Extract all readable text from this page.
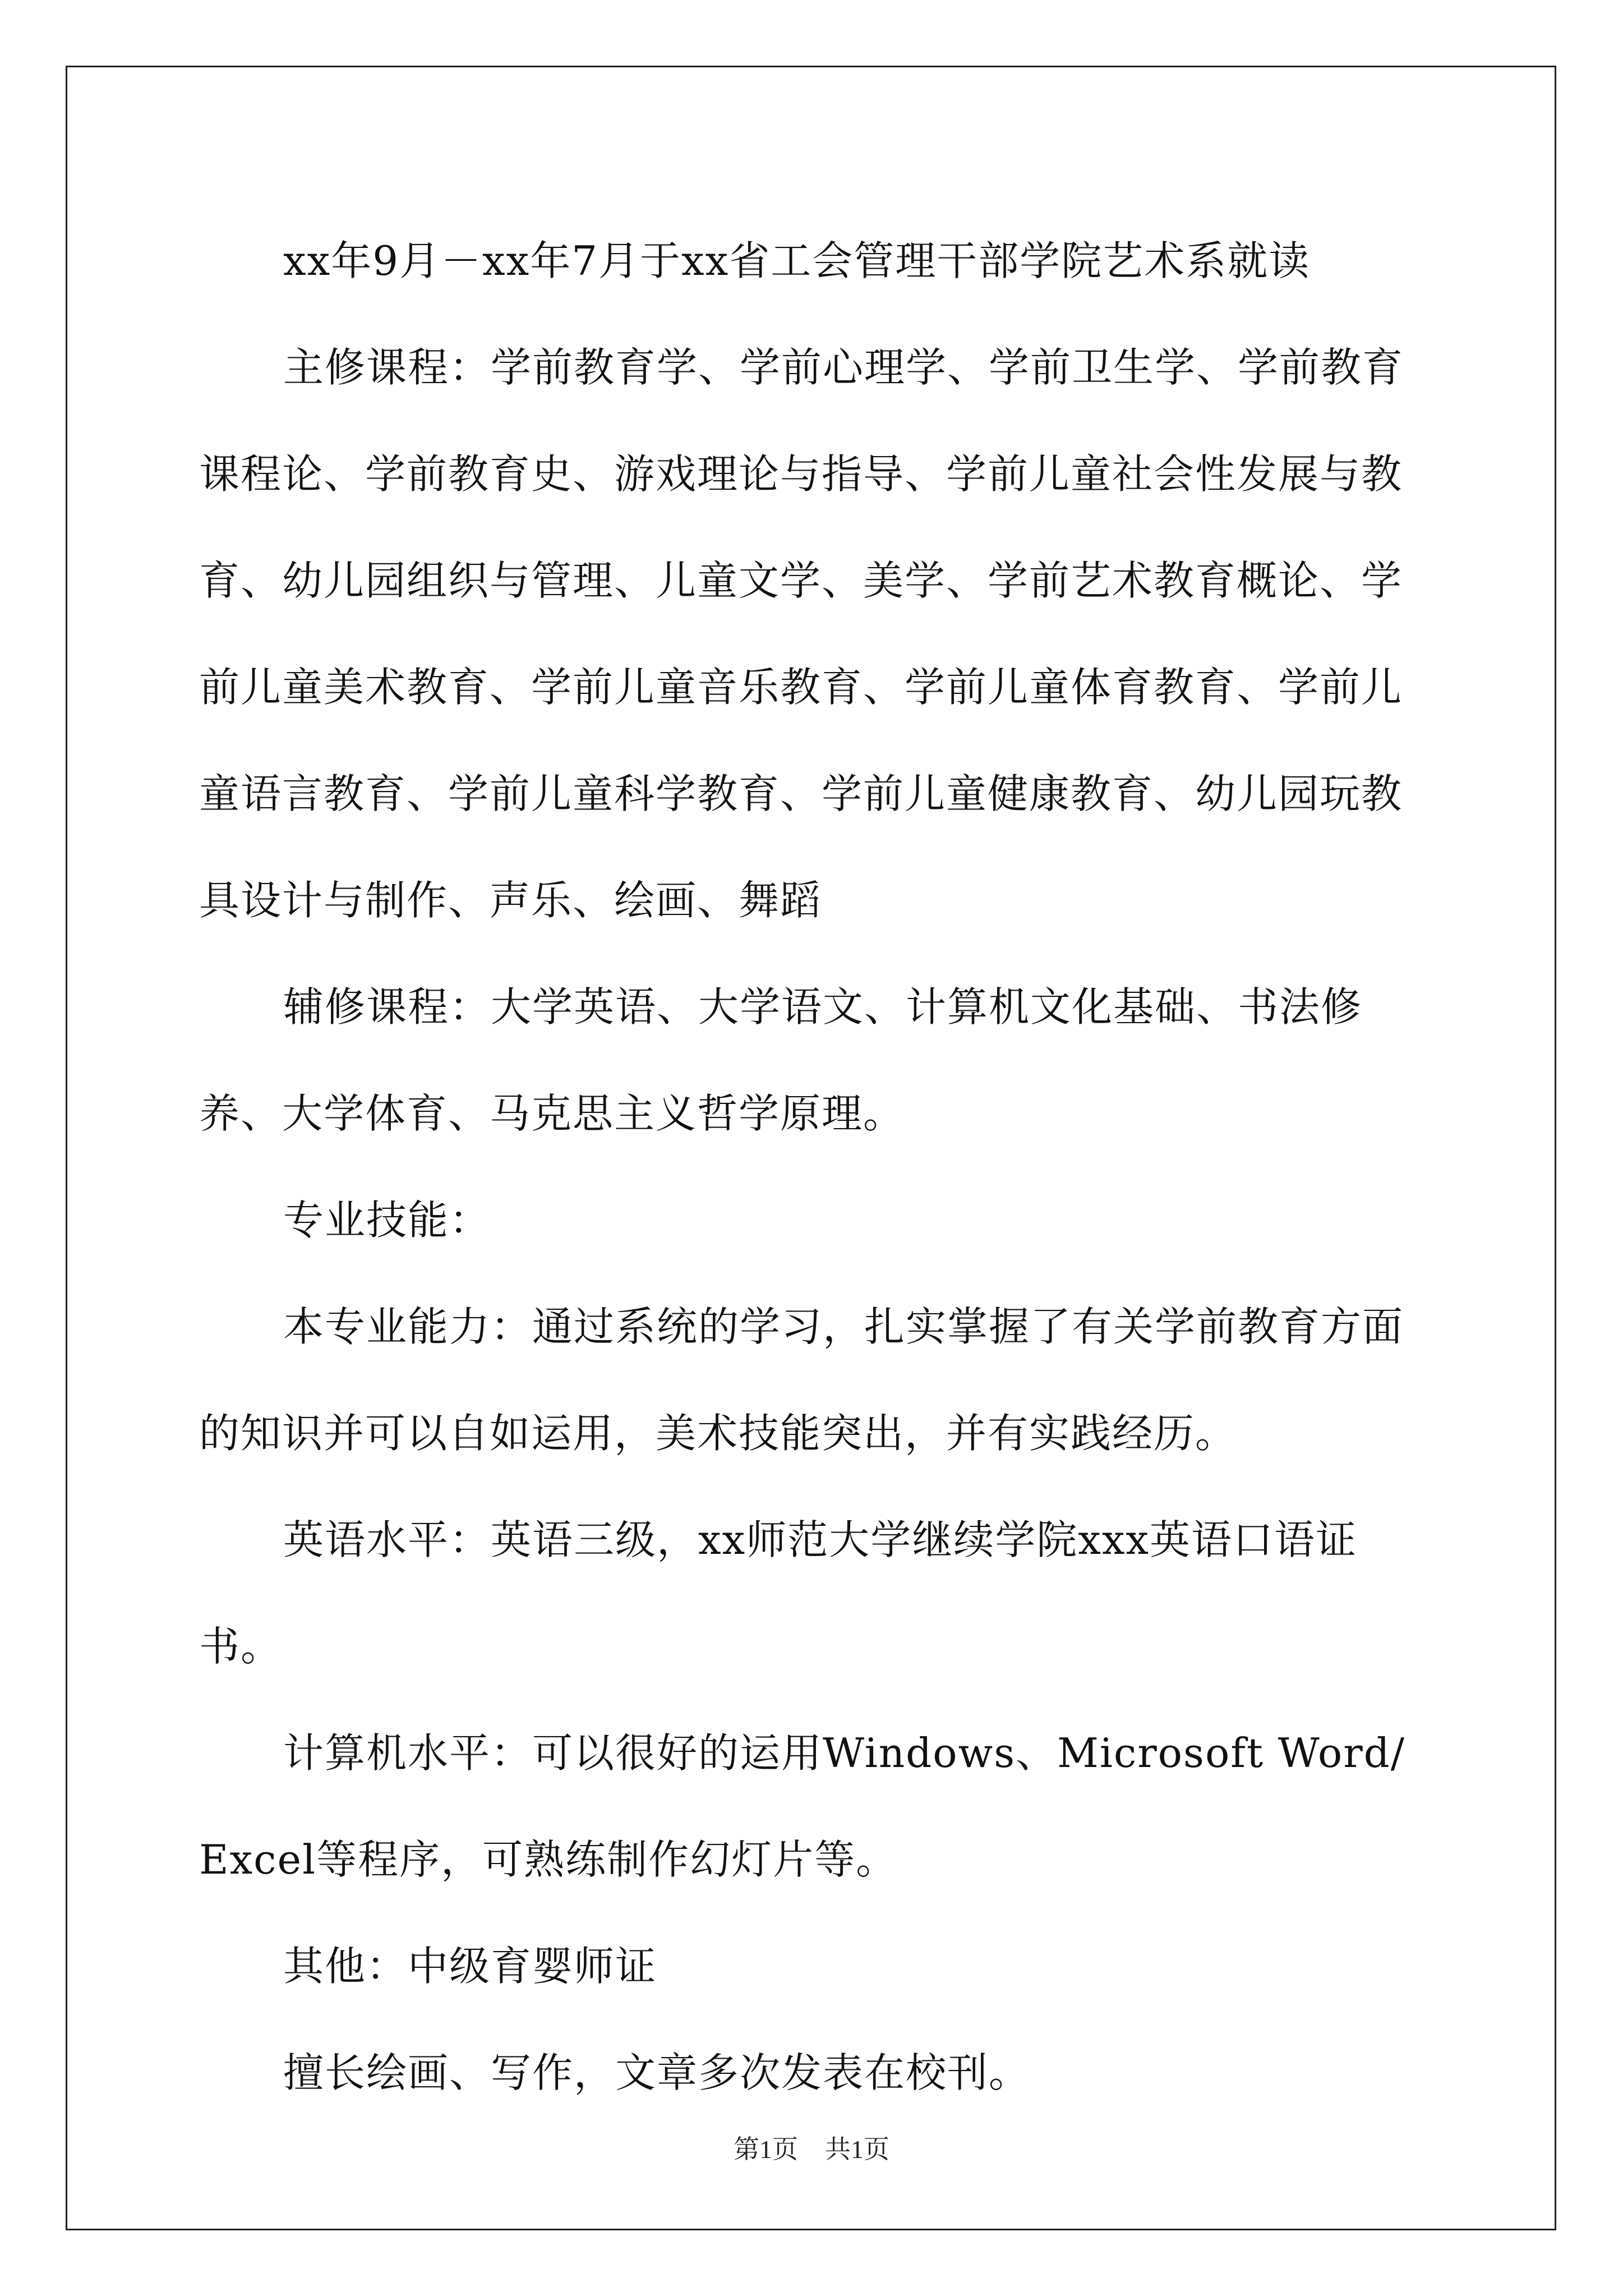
xx年9月－xx年7月于xx省工会管理干部学院艺术系就读

主修课程：学前教育学、学前心理学、学前卫生学、学前教育课程论、学前教育史、游戏理论与指导、学前儿童社会性发展与教育、幼儿园组织与管理、儿童文学、美学、学前艺术教育概论、学前儿童美术教育、学前儿童音乐教育、学前儿童体育教育、学前儿童语言教育、学前儿童科学教育、学前儿童健康教育、幼儿园玩教具设计与制作、声乐、绘画、舞蹈

辅修课程：大学英语、大学语文、计算机文化基础、书法修养、大学体育、马克思主义哲学原理。

专业技能：

本专业能力：通过系统的学习，扎实掌握了有关学前教育方面的知识并可以自如运用，美术技能突出，并有实践经历。

英语水平：英语三级，xx师范大学继续学院xxx英语口语证书。

计算机水平：可以很好的运用Windows、Microsoft Word/Excel等程序，可熟练制作幻灯片等。

其他：中级育婴师证

擅长绘画、写作，文章多次发表在校刊。

第1页 共1页
